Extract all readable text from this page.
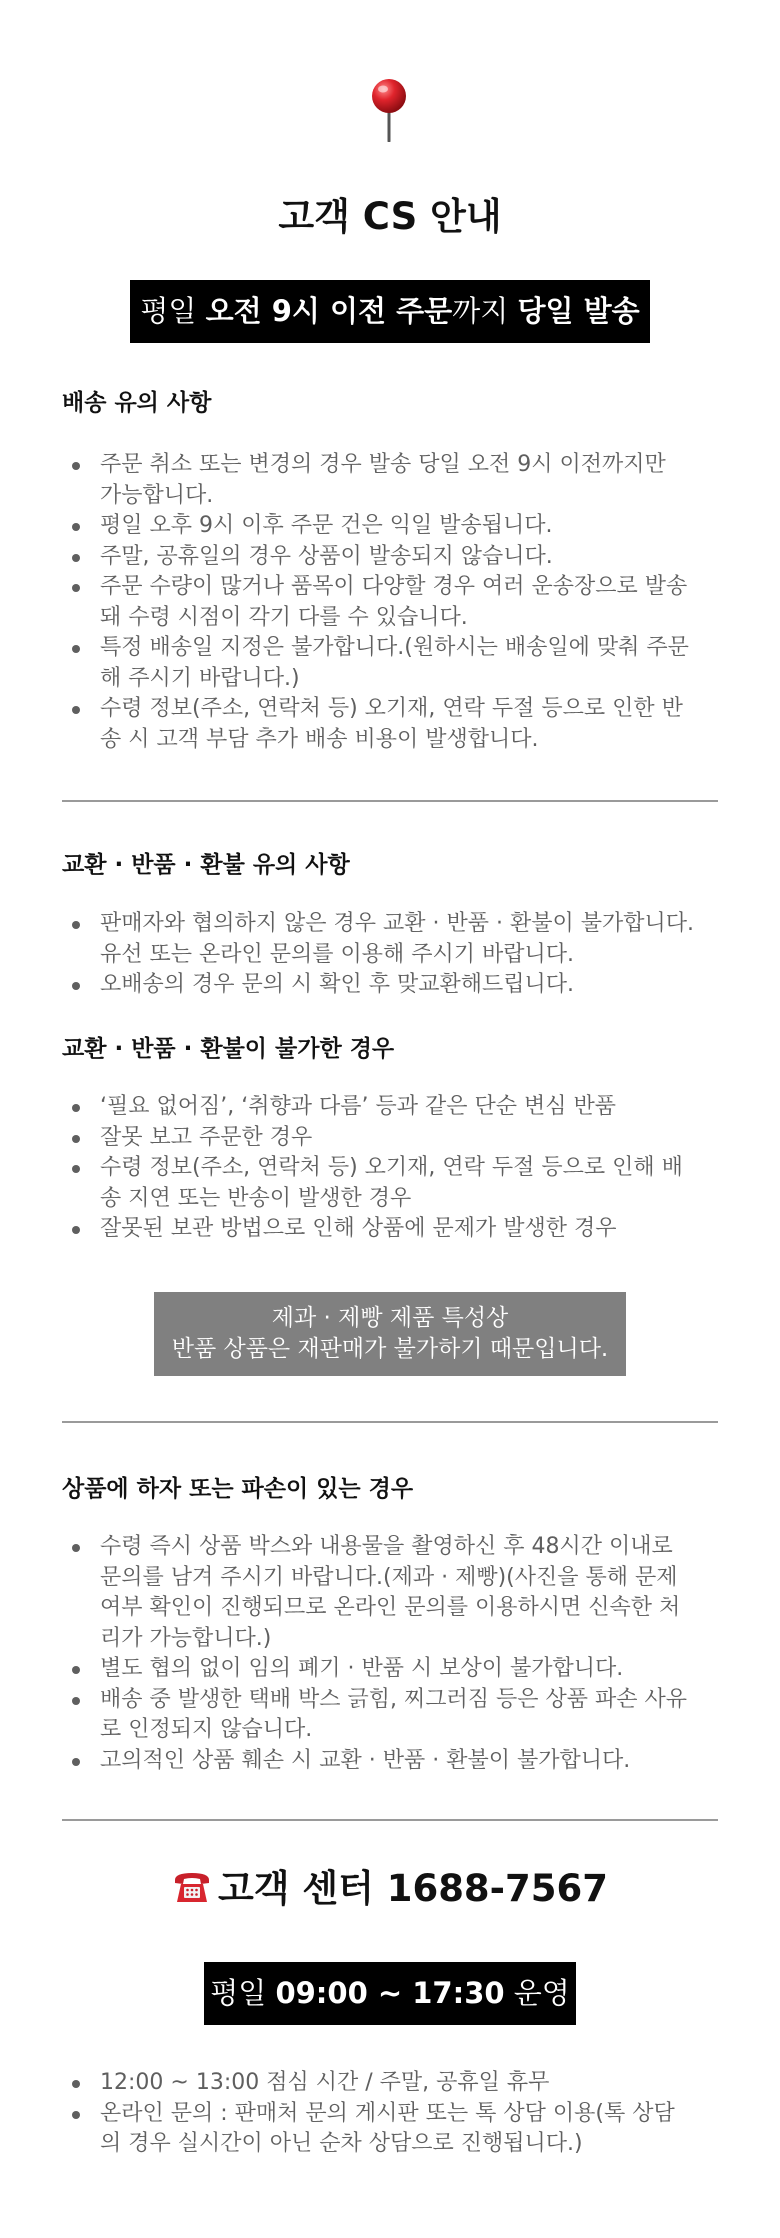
고객 CS 안내
평일 오전 9시 이전 주문까지 당일 발송
배송 유의 사항
주문 취소 또는 변경의 경우 발송 당일 오전 9시 이전까지만
가능합니다.
평일 오후 9시 이후 주문 건은 익일 발송됩니다.
주말, 공휴일의 경우 상품이 발송되지 않습니다.
주문 수량이 많거나 품목이 다양할 경우 여러 운송장으로 발송
돼 수령 시점이 각기 다를 수 있습니다.
특정 배송일 지정은 불가합니다.(원하시는 배송일에 맞춰 주문
해 주시기 바랍니다.)
수령 정보(주소, 연락처 등) 오기재, 연락 두절 등으로 인한 반
송 시 고객 부담 추가 배송 비용이 발생합니다.
교환 · 반품 · 환불 유의 사항
판매자와 협의하지 않은 경우 교환 · 반품 · 환불이 불가합니다.
유선 또는 온라인 문의를 이용해 주시기 바랍니다.
오배송의 경우 문의 시 확인 후 맞교환해드립니다.
교환 · 반품 · 환불이 불가한 경우
‘필요 없어짐’, ‘취향과 다름’ 등과 같은 단순 변심 반품
잘못 보고 주문한 경우
수령 정보(주소, 연락처 등) 오기재, 연락 두절 등으로 인해 배
송 지연 또는 반송이 발생한 경우
잘못된 보관 방법으로 인해 상품에 문제가 발생한 경우
제과 · 제빵 제품 특성상
반품 상품은 재판매가 불가하기 때문입니다.
상품에 하자 또는 파손이 있는 경우
수령 즉시 상품 박스와 내용물을 촬영하신 후 48시간 이내로
문의를 남겨 주시기 바랍니다.(제과 · 제빵)(사진을 통해 문제
여부 확인이 진행되므로 온라인 문의를 이용하시면 신속한 처
리가 가능합니다.)
별도 협의 없이 임의 폐기 · 반품 시 보상이 불가합니다.
배송 중 발생한 택배 박스 긁힘, 찌그러짐 등은 상품 파손 사유
로 인정되지 않습니다.
고의적인 상품 훼손 시 교환 · 반품 · 환불이 불가합니다.
고객 센터 1688-7567
평일 09:00 ~ 17:30 운영
12:00 ~ 13:00 점심 시간 / 주말, 공휴일 휴무
온라인 문의 : 판매처 문의 게시판 또는 톡 상담 이용(톡 상담
의 경우 실시간이 아닌 순차 상담으로 진행됩니다.)
